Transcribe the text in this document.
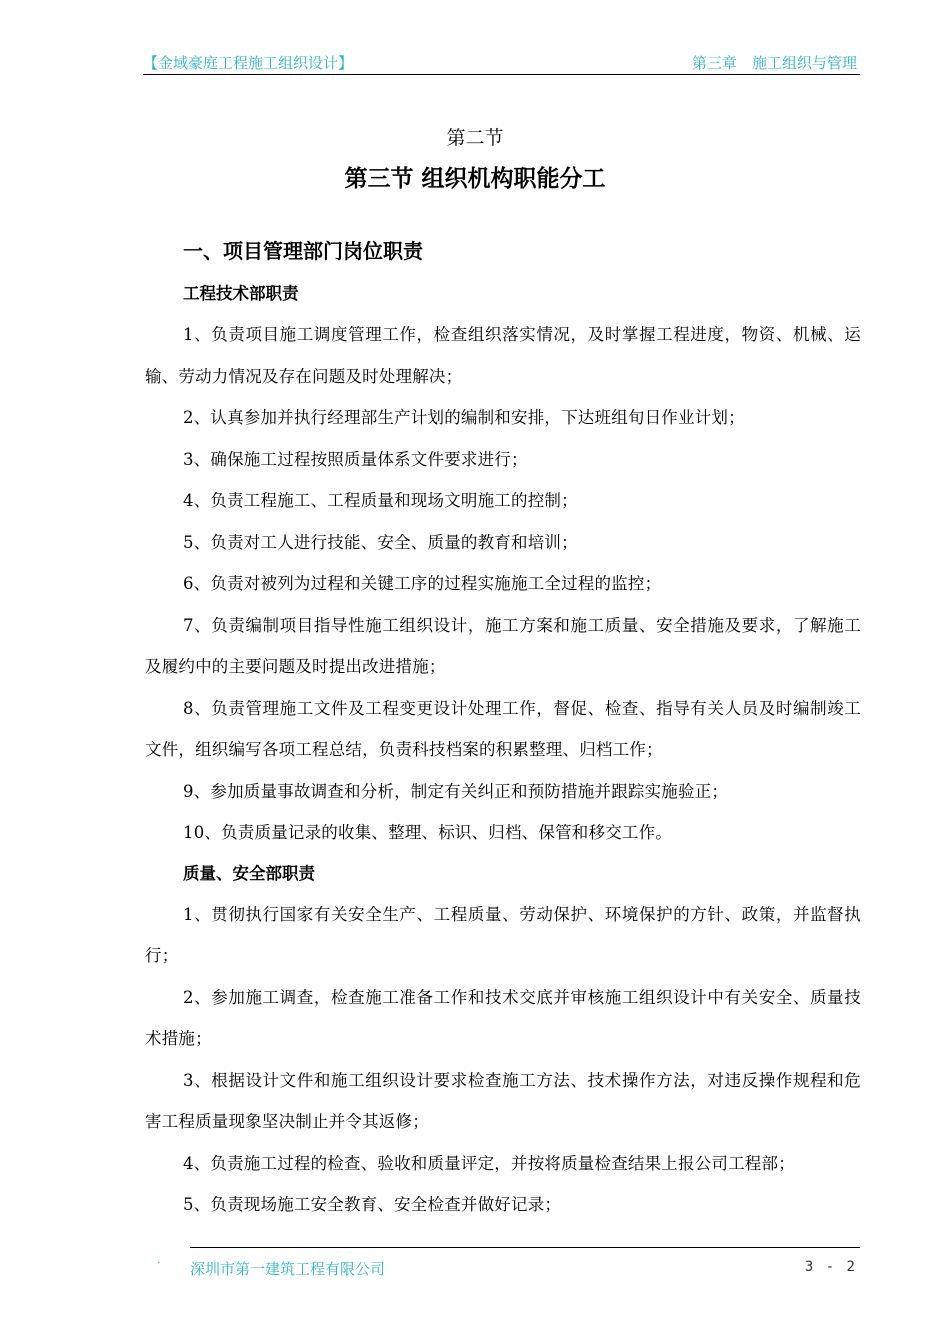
【金域豪庭工程施工组织设计】	第三章　施工组织与管理
第二节
第三节 组织机构职能分工
一、项目管理部门岗位职责
工程技术部职责

1、负责项目施工调度管理工作，检查组织落实情况，及时掌握工程进度，物资、机械、运输、劳动力情况及存在问题及时处理解决；

2、认真参加并执行经理部生产计划的编制和安排，下达班组旬日作业计划；

3、确保施工过程按照质量体系文件要求进行；

4、负责工程施工、工程质量和现场文明施工的控制；

5、负责对工人进行技能、安全、质量的教育和培训；

6、负责对被列为过程和关键工序的过程实施施工全过程的监控；

7、负责编制项目指导性施工组织设计，施工方案和施工质量、安全措施及要求，了解施工及履约中的主要问题及时提出改进措施；

8、负责管理施工文件及工程变更设计处理工作，督促、检查、指导有关人员及时编制竣工文件，组织编写各项工程总结，负责科技档案的积累整理、归档工作；

9、参加质量事故调查和分析，制定有关纠正和预防措施并跟踪实施验正；

10、负责质量记录的收集、整理、标识、归档、保管和移交工作。

质量、安全部职责

1、贯彻执行国家有关安全生产、工程质量、劳动保护、环境保护的方针、政策，并监督执行；

2、参加施工调查，检查施工准备工作和技术交底并审核施工组织设计中有关安全、质量技术措施；

3、根据设计文件和施工组织设计要求检查施工方法、技术操作方法，对违反操作规程和危害工程质量现象坚决制止并令其返修；

4、负责施工过程的检查、验收和质量评定，并按将质量检查结果上报公司工程部；

5、负责现场施工安全教育、安全检查并做好记录；

· 深圳市第一建筑工程有限公司	3 - 2
